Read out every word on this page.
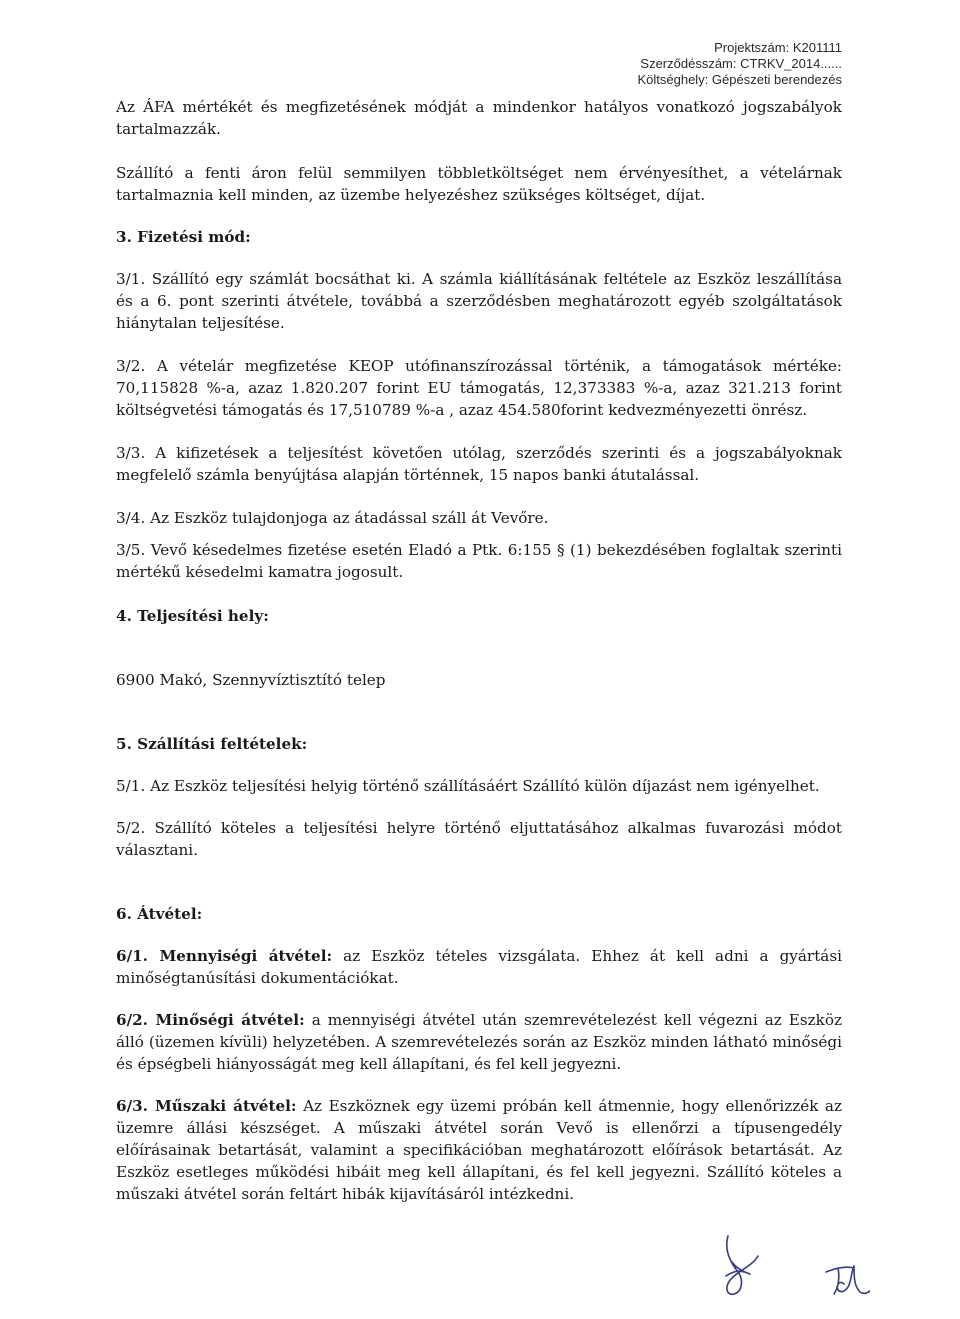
Projektszám: K201111
Szerződésszám: CTRKV_2014......
Költséghely: Gépészeti berendezés

Az ÁFA mértékét és megfizetésének módját a mindenkor hatályos vonatkozó jogszabályok tartalmazzák.

Szállító a fenti áron felül semmilyen többletköltséget nem érvényesíthet, a vételárnak tartalmaznia kell minden, az üzembe helyezéshez szükséges költséget, díjat.

3. Fizetési mód:

3/1. Szállító egy számlát bocsáthat ki. A számla kiállításának feltétele az Eszköz leszállítása és a 6. pont szerinti átvétele, továbbá a szerződésben meghatározott egyéb szolgáltatások hiánytalan teljesítése.

3/2. A vételár megfizetése KEOP utófinanszírozással történik, a támogatások mértéke: 70,115828 %-a, azaz 1.820.207 forint EU támogatás, 12,373383 %-a, azaz 321.213 forint költségvetési támogatás és 17,510789 %-a , azaz 454.580forint kedvezményezetti önrész.

3/3. A kifizetések a teljesítést követően utólag, szerződés szerinti és a jogszabályoknak megfelelő számla benyújtása alapján történnek, 15 napos banki átutalással.

3/4. Az Eszköz tulajdonjoga az átadással száll át Vevőre.

3/5. Vevő késedelmes fizetése esetén Eladó a Ptk. 6:155 § (1) bekezdésében foglaltak szerinti mértékű késedelmi kamatra jogosult.

4. Teljesítési hely:

6900 Makó, Szennyvíztisztító telep

5. Szállítási feltételek:

5/1. Az Eszköz teljesítési helyig történő szállításáért Szállító külön díjazást nem igényelhet.

5/2. Szállító köteles a teljesítési helyre történő eljuttatásához alkalmas fuvarozási módot választani.

6. Átvétel:

6/1. Mennyiségi átvétel: az Eszköz tételes vizsgálata. Ehhez át kell adni a gyártási minőségtanúsítási dokumentációkat.

6/2. Minőségi átvétel: a mennyiségi átvétel után szemrevételezést kell végezni az Eszköz álló (üzemen kívüli) helyzetében. A szemrevételezés során az Eszköz minden látható minőségi és épségbeli hiányosságát meg kell állapítani, és fel kell jegyezni.

6/3. Műszaki átvétel: Az Eszköznek egy üzemi próbán kell átmennie, hogy ellenőrizzék az üzemre állási készséget. A műszaki átvétel során Vevő is ellenőrzi a típusengedély előírásainak betartását, valamint a specifikációban meghatározott előírások betartását. Az Eszköz esetleges működési hibáit meg kell állapítani, és fel kell jegyezni. Szállító köteles a műszaki átvétel során feltárt hibák kijavításáról intézkedni.
